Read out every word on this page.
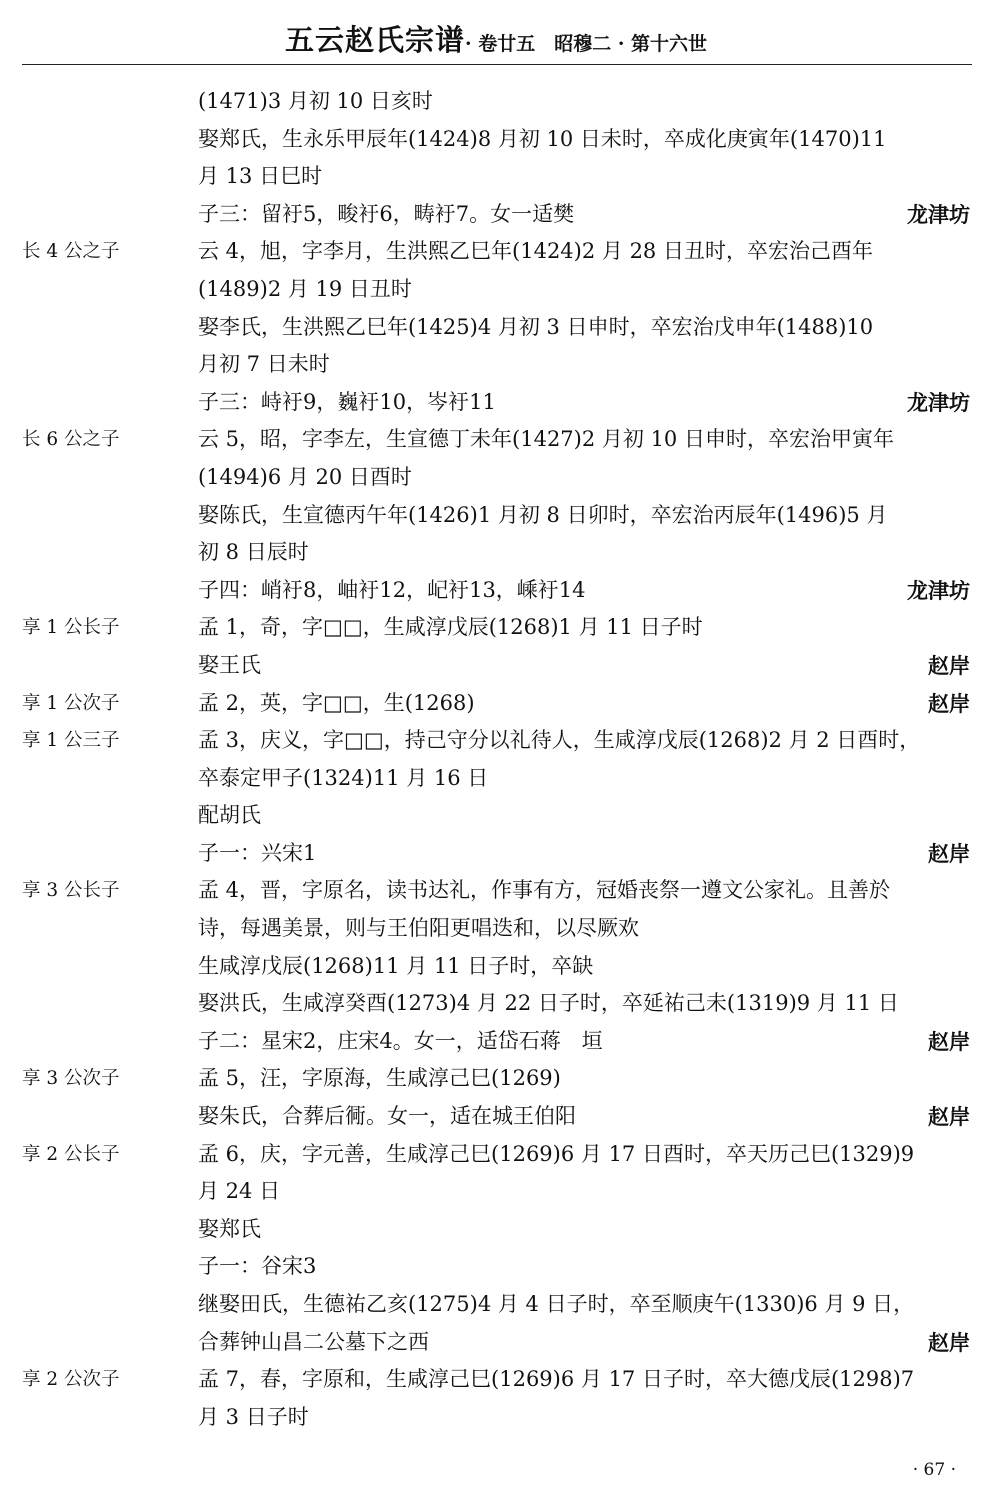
五云赵氏宗谱· 卷廿五　昭穆二 · 第十六世
(1471)3 月初 10 日亥时
娶郑氏，生永乐甲辰年(1424)8 月初 10 日未时，卒成化庚寅年(1470)11
月 13 日巳时
子三：留衧5，畯衧6，畴衧7。女一适樊	龙津坊
长 4 公之子	云 4，旭，字李月，生洪熙乙巳年(1424)2 月 28 日丑时，卒宏治己酉年
(1489)2 月 19 日丑时
娶李氏，生洪熙乙巳年(1425)4 月初 3 日申时，卒宏治戊申年(1488)10
月初 7 日未时
子三：峙衧9，巍衧10，岑衧11	龙津坊
长 6 公之子	云 5，昭，字李左，生宣德丁未年(1427)2 月初 10 日申时，卒宏治甲寅年
(1494)6 月 20 日酉时
娶陈氏，生宣德丙午年(1426)1 月初 8 日卯时，卒宏治丙辰年(1496)5 月
初 8 日辰时
子四：峭衧8，岫衧12，屺衧13，嵊衧14	龙津坊
享 1 公长子	孟 1，奇，字□□，生咸淳戊辰(1268)1 月 11 日子时
娶王氏	赵岸
享 1 公次子	孟 2，英，字□□，生(1268)	赵岸
享 1 公三子	孟 3，庆义，字□□，持己守分以礼待人，生咸淳戊辰(1268)2 月 2 日酉时，
卒泰定甲子(1324)11 月 16 日
配胡氏
子一：兴宋1	赵岸
享 3 公长子	孟 4，晋，字原名，读书达礼，作事有方，冠婚丧祭一遵文公家礼。且善於
诗，每遇美景，则与王伯阳更唱迭和，以尽厥欢
生咸淳戊辰(1268)11 月 11 日子时，卒缺
娶洪氏，生咸淳癸酉(1273)4 月 22 日子时，卒延祐己未(1319)9 月 11 日
子二：星宋2，庄宋4。女一，适岱石蒋　垣	赵岸
享 3 公次子	孟 5，汪，字原海，生咸淳己巳(1269)
娶朱氏，合葬后衕。女一，适在城王伯阳	赵岸
享 2 公长子	孟 6，庆，字元善，生咸淳己巳(1269)6 月 17 日酉时，卒天历己巳(1329)9
月 24 日
娶郑氏
子一：谷宋3
继娶田氏，生德祐乙亥(1275)4 月 4 日子时，卒至顺庚午(1330)6 月 9 日，
合葬钟山昌二公墓下之西	赵岸
享 2 公次子	孟 7，春，字原和，生咸淳己巳(1269)6 月 17 日子时，卒大德戊辰(1298)7
月 3 日子时
· 67 ·
